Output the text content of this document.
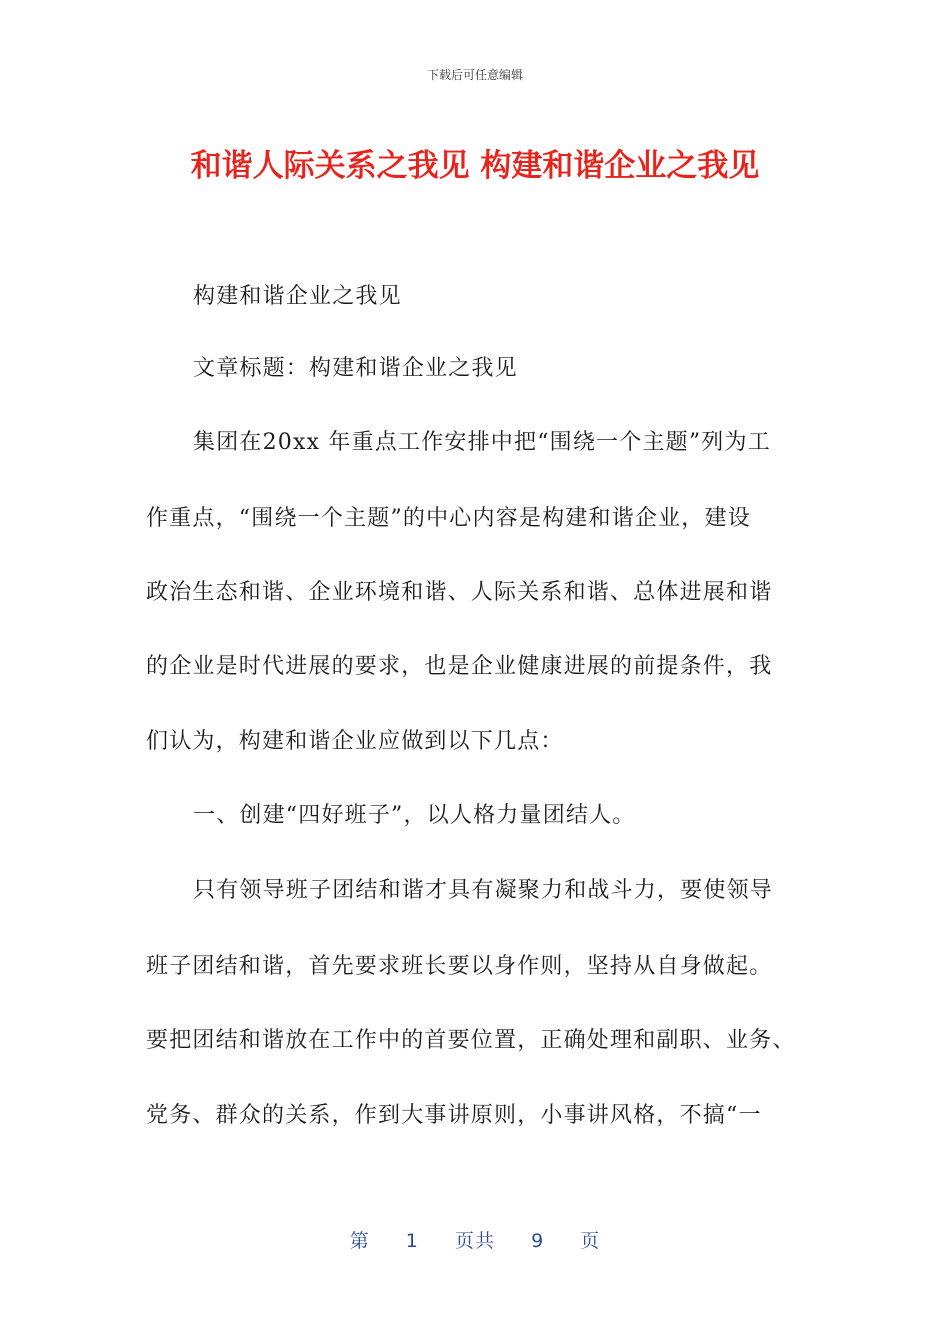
下载后可任意编辑
和谐人际关系之我见 构建和谐企业之我见
构建和谐企业之我见
文章标题：构建和谐企业之我见
集团在20xx 年重点工作安排中把“围绕一个主题”列为工
作重点，“围绕一个主题”的中心内容是构建和谐企业，建设
政治生态和谐、企业环境和谐、人际关系和谐、总体进展和谐
的企业是时代进展的要求，也是企业健康进展的前提条件，我
们认为，构建和谐企业应做到以下几点：
一、创建“四好班子”，以人格力量团结人。
只有领导班子团结和谐才具有凝聚力和战斗力，要使领导
班子团结和谐，首先要求班长要以身作则，坚持从自身做起。
要把团结和谐放在工作中的首要位置，正确处理和副职、业务、
党务、群众的关系，作到大事讲原则，小事讲风格，不搞“一
第 1 页共 9 页
